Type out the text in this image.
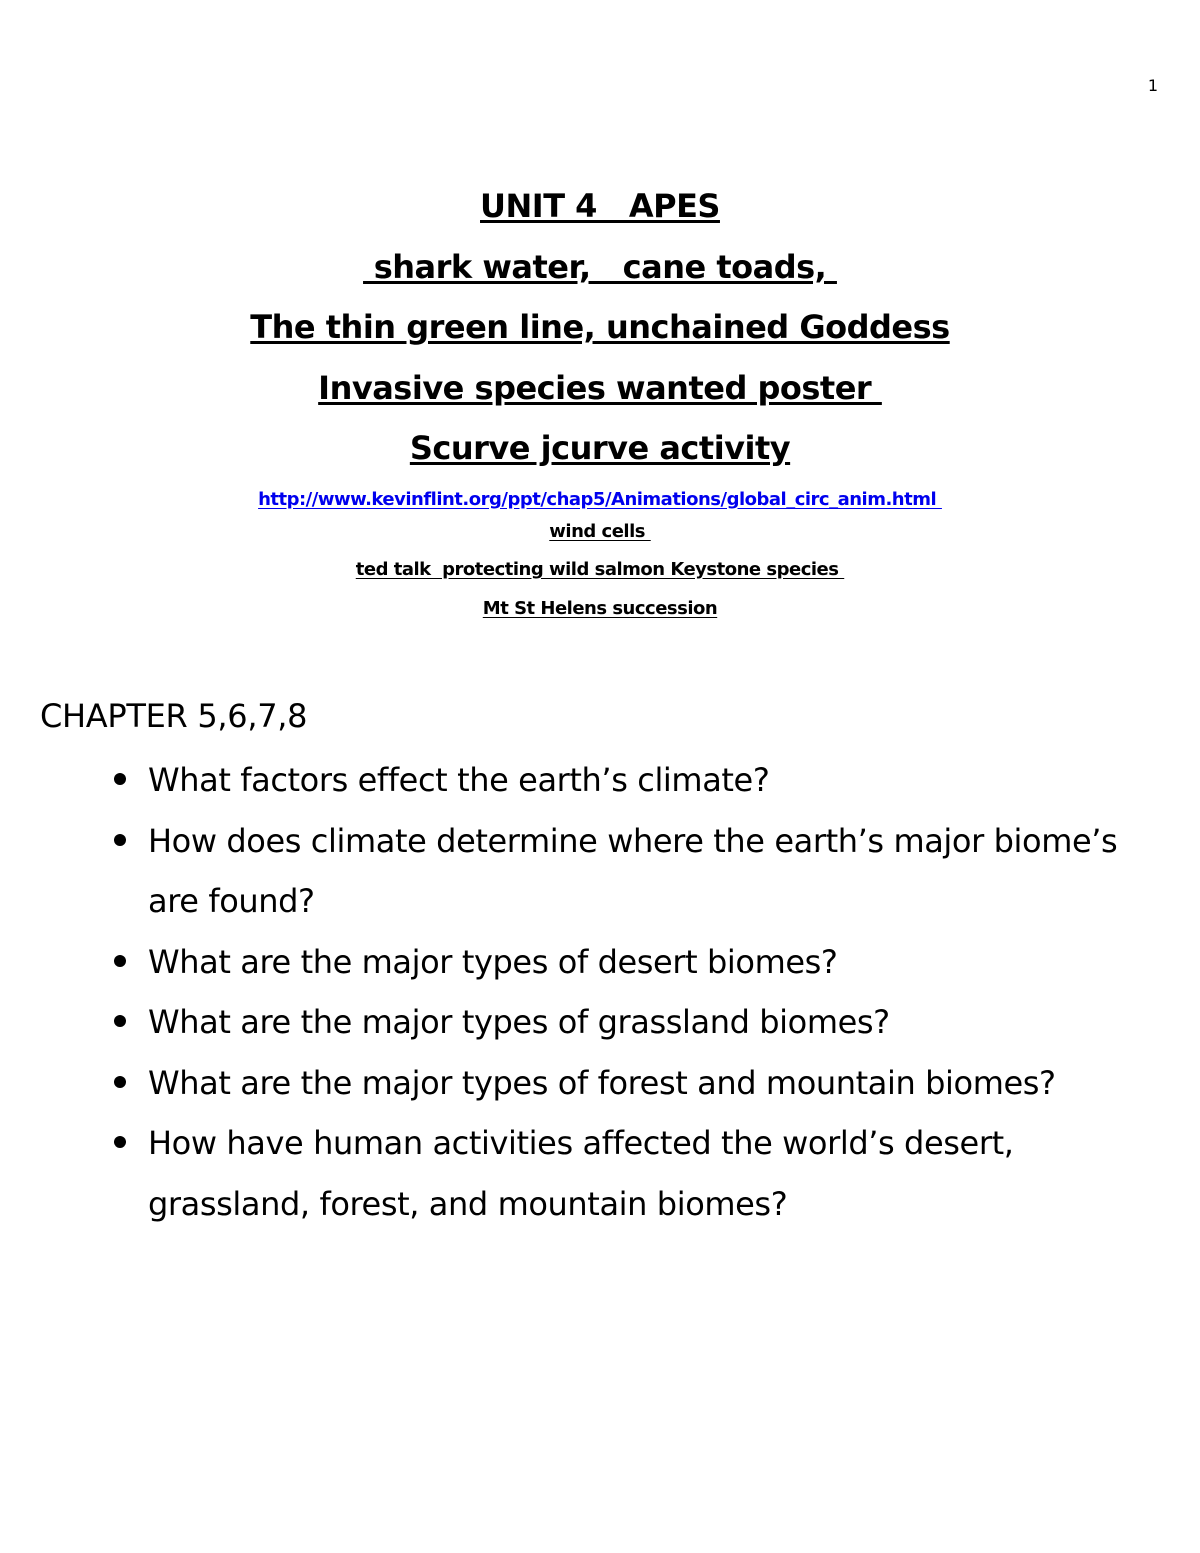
1
UNIT 4   APES
shark water,   cane toads,
The thin green line, unchained Goddess
Invasive species wanted poster
Scurve jcurve activity
http://www.kevinflint.org/ppt/chap5/Animations/global_circ_anim.html
wind cells
ted talk  protecting wild salmon Keystone species
Mt St Helens succession
CHAPTER 5,6,7,8
What factors effect the earth’s climate?
How does climate determine where the earth’s major biome’s are found?
What are the major types of desert biomes?
What are the major types of grassland biomes?
What are the major types of forest and mountain biomes?
How have human activities affected the world’s desert, grassland, forest, and mountain biomes?
